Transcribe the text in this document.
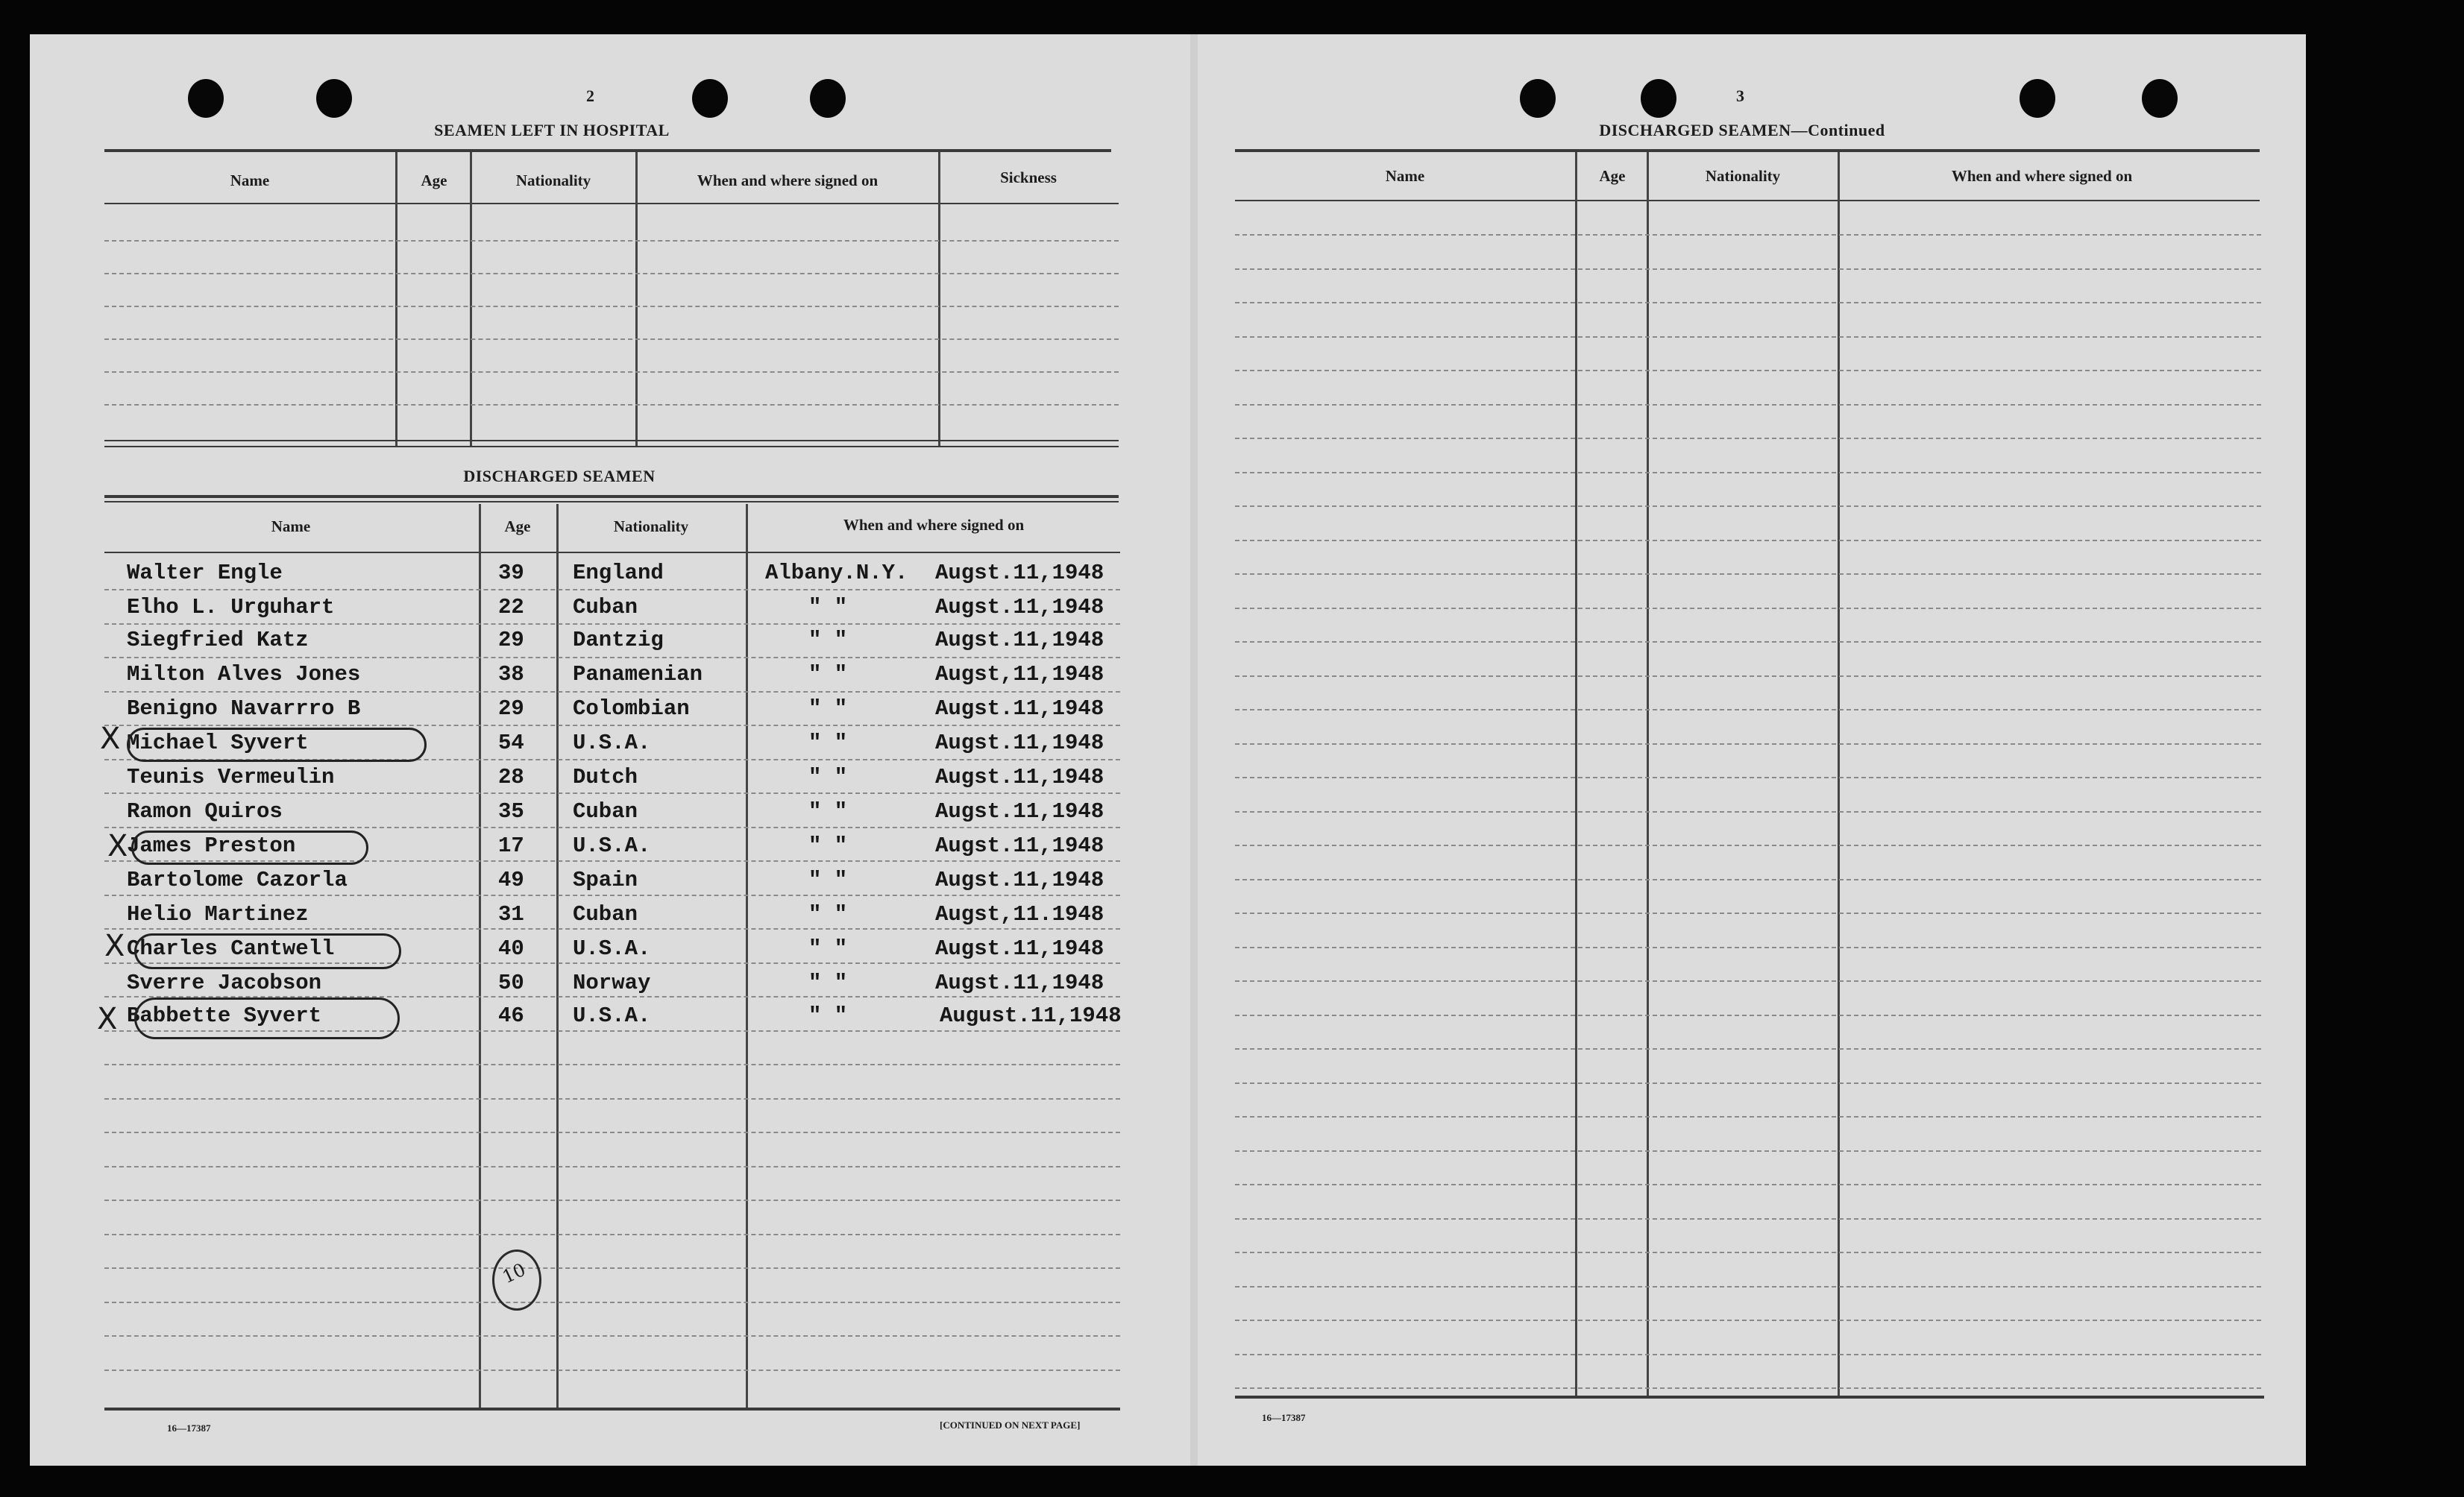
2
SEAMEN LEFT IN HOSPITAL
Name	Age	Nationality	When and where signed on	Sickness
DISCHARGED SEAMEN
Name	Age	Nationality	When and where signed on
Walter Engle	39 England	Albany.N.Y. Augst.11,1948
Elho L. Urguhart	22 Cuban	" "	Augst.11,1948
Siegfried Katz	29 Dantzig	" "	Augst.11,1948
Milton Alves Jones	38 Panamenian	" "	Augst,11,1948
Benigno Navarrro B	29 Colombian	" "	Augst.11,1948
Michael Syvert	54 U.S.A.	" "	Augst.11,1948
Teunis Vermeulin	28 Dutch	" "	Augst.11,1948
Ramon Quiros	35 Cuban	" "	Augst.11,1948
James Preston	17 U.S.A.	" "	Augst.11,1948
Bartolome Cazorla	49 Spain	" "	Augst.11,1948
Helio Martinez	31 Cuban	" "	Augst,11.1948
Charles Cantwell	40 U.S.A.	" "	Augst.11,1948
Sverre Jacobson	50 Norway	" "	Augst.11,1948
Babbette Syvert	46 U.S.A.	" "	August.11,1948
X
X
X
X
10
16—17387	[CONTINUED ON NEXT PAGE]
3
DISCHARGED SEAMEN—Continued
Name	Age	Nationality	When and where signed on
16—17387
